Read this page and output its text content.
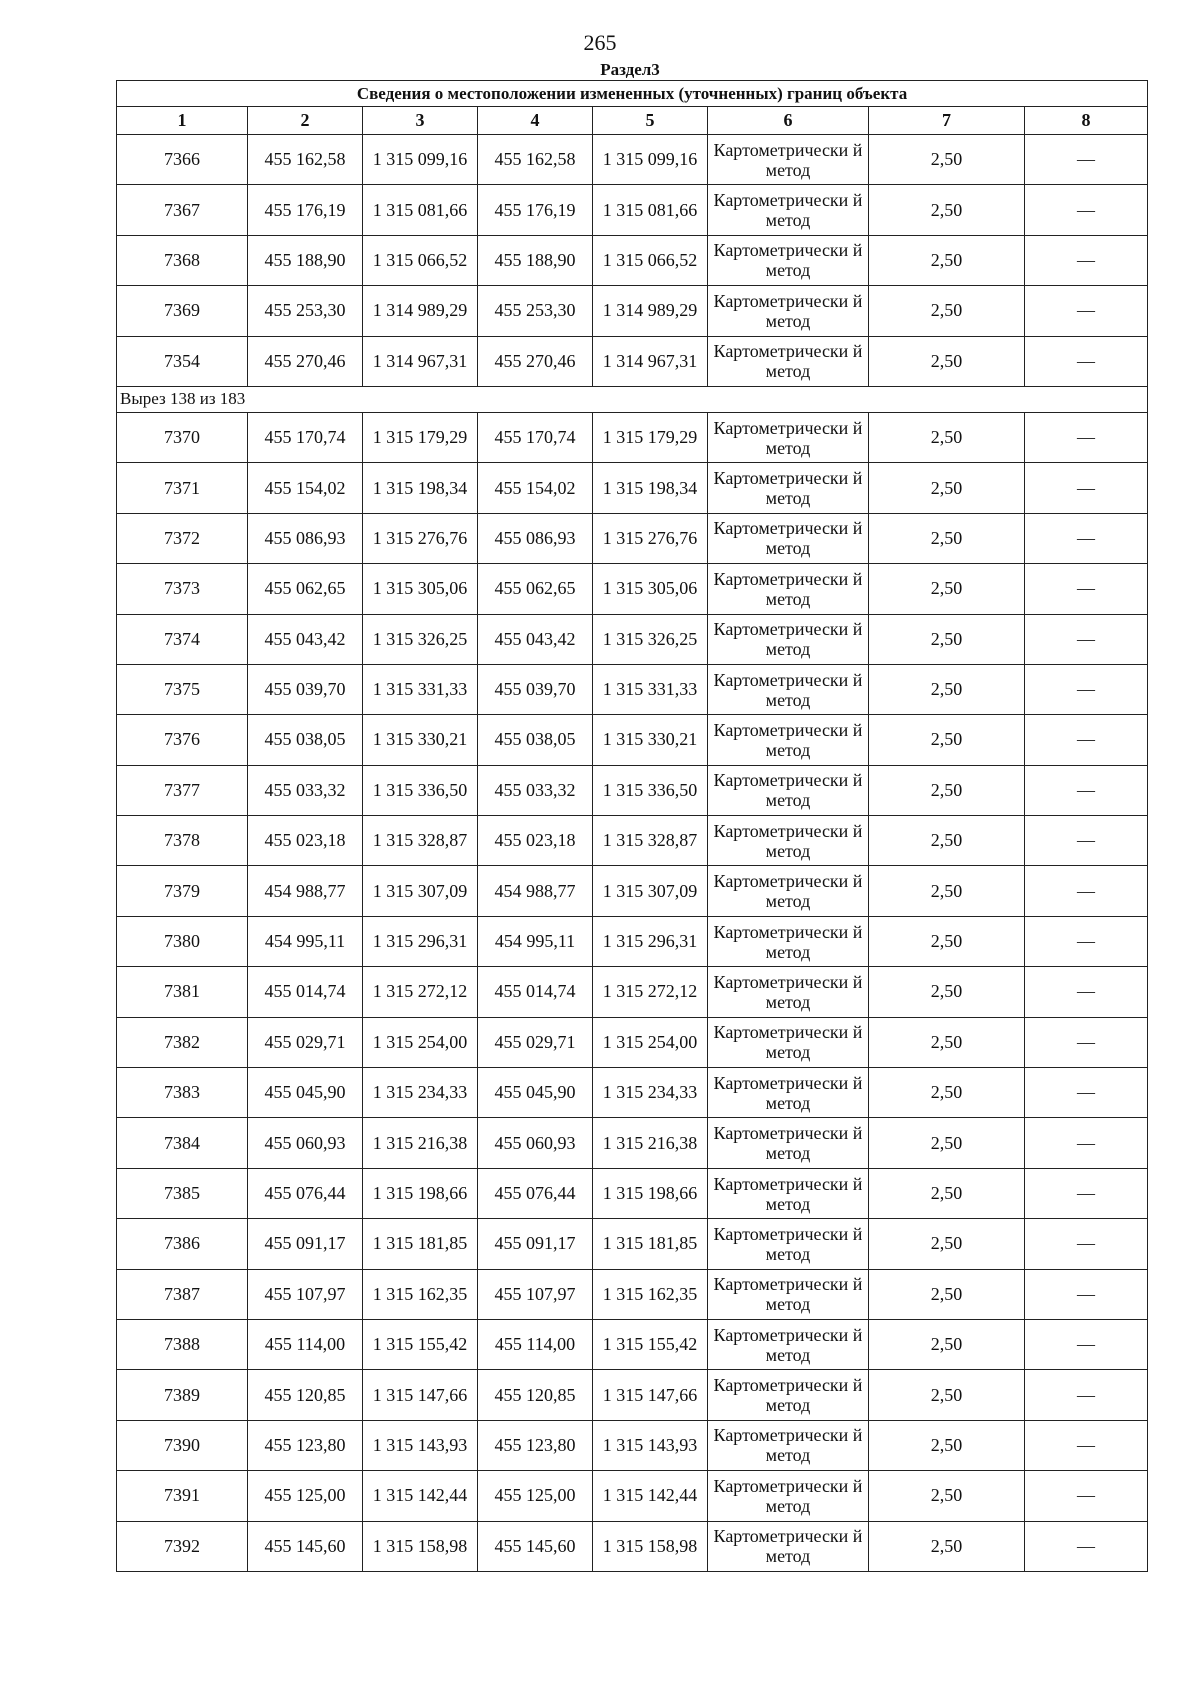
265
Раздел3
Сведения о местоположении измененных (уточненных) границ объекта							
1	2	3	4	5	6	7	8
7366	455 162,58	1 315 099,16	455 162,58	1 315 099,16	Картометрически й метод	2,50	—
7367	455 176,19	1 315 081,66	455 176,19	1 315 081,66	Картометрически й метод	2,50	—
7368	455 188,90	1 315 066,52	455 188,90	1 315 066,52	Картометрически й метод	2,50	—
7369	455 253,30	1 314 989,29	455 253,30	1 314 989,29	Картометрически й метод	2,50	—
7354	455 270,46	1 314 967,31	455 270,46	1 314 967,31	Картометрически й метод	2,50	—
Вырез 138 из 183							
7370	455 170,74	1 315 179,29	455 170,74	1 315 179,29	Картометрически й метод	2,50	—
7371	455 154,02	1 315 198,34	455 154,02	1 315 198,34	Картометрически й метод	2,50	—
7372	455 086,93	1 315 276,76	455 086,93	1 315 276,76	Картометрически й метод	2,50	—
7373	455 062,65	1 315 305,06	455 062,65	1 315 305,06	Картометрически й метод	2,50	—
7374	455 043,42	1 315 326,25	455 043,42	1 315 326,25	Картометрически й метод	2,50	—
7375	455 039,70	1 315 331,33	455 039,70	1 315 331,33	Картометрически й метод	2,50	—
7376	455 038,05	1 315 330,21	455 038,05	1 315 330,21	Картометрически й метод	2,50	—
7377	455 033,32	1 315 336,50	455 033,32	1 315 336,50	Картометрически й метод	2,50	—
7378	455 023,18	1 315 328,87	455 023,18	1 315 328,87	Картометрически й метод	2,50	—
7379	454 988,77	1 315 307,09	454 988,77	1 315 307,09	Картометрически й метод	2,50	—
7380	454 995,11	1 315 296,31	454 995,11	1 315 296,31	Картометрически й метод	2,50	—
7381	455 014,74	1 315 272,12	455 014,74	1 315 272,12	Картометрически й метод	2,50	—
7382	455 029,71	1 315 254,00	455 029,71	1 315 254,00	Картометрически й метод	2,50	—
7383	455 045,90	1 315 234,33	455 045,90	1 315 234,33	Картометрически й метод	2,50	—
7384	455 060,93	1 315 216,38	455 060,93	1 315 216,38	Картометрически й метод	2,50	—
7385	455 076,44	1 315 198,66	455 076,44	1 315 198,66	Картометрически й метод	2,50	—
7386	455 091,17	1 315 181,85	455 091,17	1 315 181,85	Картометрически й метод	2,50	—
7387	455 107,97	1 315 162,35	455 107,97	1 315 162,35	Картометрически й метод	2,50	—
7388	455 114,00	1 315 155,42	455 114,00	1 315 155,42	Картометрически й метод	2,50	—
7389	455 120,85	1 315 147,66	455 120,85	1 315 147,66	Картометрически й метод	2,50	—
7390	455 123,80	1 315 143,93	455 123,80	1 315 143,93	Картометрически й метод	2,50	—
7391	455 125,00	1 315 142,44	455 125,00	1 315 142,44	Картометрически й метод	2,50	—
7392	455 145,60	1 315 158,98	455 145,60	1 315 158,98	Картометрически й метод	2,50	—
